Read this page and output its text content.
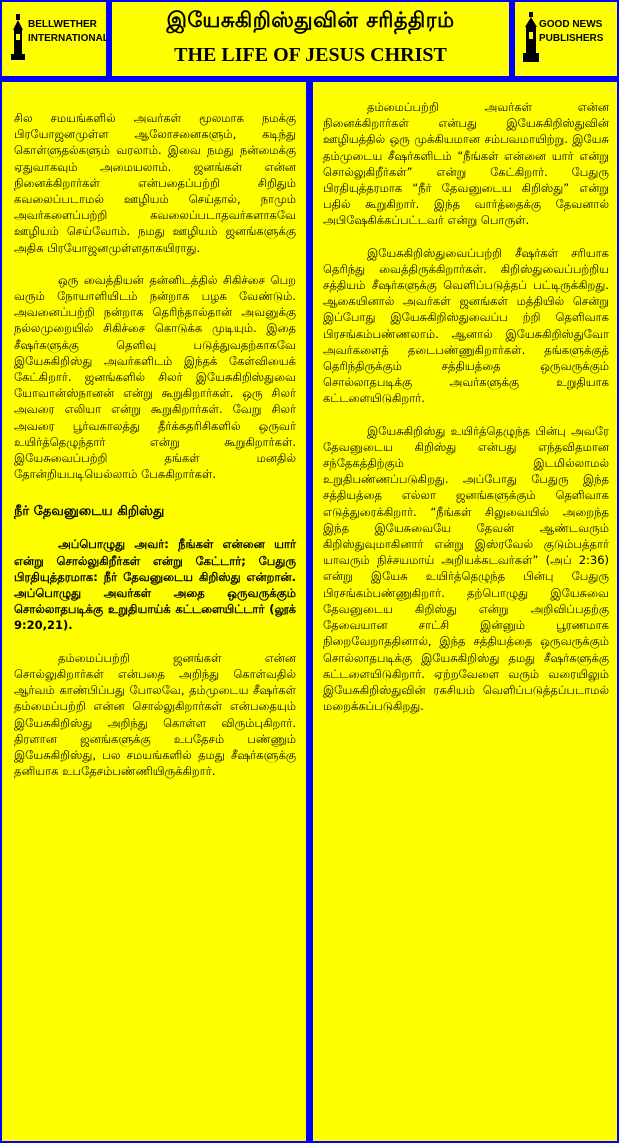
BELLWETHER
INTERNATIONAL
இயேசுகிறிஸ்துவின் சரித்திரம்
THE LIFE OF JESUS CHRIST
GOOD NEWS
PUBLISHERS

சில சமயங்களில் அவர்கள் மூலமாக நமக்கு பிரயோஜனமுள்ள ஆலோசனைகளும், கடிந்து கொள்ளுதல்களும் வரலாம். இவை நமது நன்மைக்கு ஏதுவாகவும் அமையலாம். ஜனங்கள் என்ன நினைக்கிறார்கள் என்பதைப்பற்றி சிறிதும் கவலைப்படாமல் ஊழியம் செய்தால், நாமும் அவர்களைப்பற்றி கவலைப்படாதவர்களாகவே ஊழியம் செய்வோம். நமது ஊழியம் ஜனங்களுக்கு அதிக பிரயோஜனமுள்ளதாகயிராது.

ஒரு வைத்தியன் தன்னிடத்தில் சிகிச்சை பெற வரும் நோயாளியிடம் நன்றாக பழக வேண்டும். அவனைப்பற்றி நன்றாக தெரிந்தால்தான் அவனுக்கு நல்லமுறையில் சிகிச்சை கொடுக்க முடியும். இதை சீஷர்களுக்கு தெளிவு படுத்துவதற்காகவே இயேசுகிறிஸ்து அவர்களிடம் இந்தக் கேள்வியைக் கேட்கிறார். ஜனங்களில் சிலர் இயேசுகிறிஸ்துவை யோவான்ஸ்நானன் என்று கூறுகிறார்கள். ஒரு சிலர் அவரை எலியா என்று கூறுகிறார்கள். வேறு சிலர் அவரை பூர்வகாலத்து தீர்க்கதரிசிகளில் ஒருவர் உயிர்த்தெழுந்தார் என்று கூறுகிறார்கள். இயேசுவைப்பற்றி தங்கள் மனதில் தோன்றியபடியெல்லாம் பேசுகிறார்கள்.

நீர் தேவனுடைய கிறிஸ்து

அப்பொழுது அவர்: நீங்கள் என்னை யார் என்று சொல்லுகிறீர்கள் என்று கேட்டார்; பேதுரு பிரதியுத்தரமாக: நீர் தேவனுடைய கிறிஸ்து என்றான். அப்பொழுது அவர்கள் அதை ஒருவருக்கும் சொல்லாதபடிக்கு உறுதியாய்க் கட்டளையிட்டார் (லூக் 9:20,21).

தம்மைப்பற்றி ஜனங்கள் என்ன சொல்லுகிறார்கள் என்பதை அறிந்து கொள்வதில் ஆர்வம் காண்பிப்பது போலவே, தம்முடைய சீஷர்கள் தம்மைப்பற்றி என்ன சொல்லுகிறார்கள் என்பதையும் இயேசுகிறிஸ்து அறிந்து கொள்ள விரும்புகிறார். திரளான ஜனங்களுக்கு உபதேசம் பண்ணும் இயேசுகிறிஸ்து, பல சமயங்களில் தமது சீஷர்களுக்கு தனியாக உபதேசம்பண்ணியிருக்கிறார்.

தம்மைப்பற்றி அவர்கள் என்ன நினைக்கிறார்கள் என்பது இயேசுகிறிஸ்துவின் ஊழியத்தில் ஒரு முக்கியமான சம்பவமாயிற்று. இயேசு தம்முடைய சீஷர்களிடம் “நீங்கள் என்னை யார் என்று சொல்லுகிறீர்கள்” என்று கேட்கிறார். பேதுரு பிரதியுத்தரமாக “நீர் தேவனுடைய கிறிஸ்து” என்று பதில் கூறுகிறார். இந்த வார்த்தைக்கு தேவனால் அபிஷேகிக்கப்பட்டவர் என்று பொருள்.

இயேசுகிறிஸ்துவைப்பற்றி சீஷர்கள் சரியாக தெரிந்து வைத்திருக்கிறார்கள். கிறிஸ்துவைப்பற்றிய சத்தியம் சீஷர்களுக்கு வெளிப்படுத்தப் பட்டிருக்கிறது. ஆகையினால் அவர்கள் ஜனங்கள் மத்தியில் சென்று இப்போது இயேசுகிறிஸ்துவைப்ப ற்றி தெளிவாக பிரசங்கம்பண்ணலாம். ஆனால் இயேசுகிறிஸ்துவோ அவர்களைத் தடைபண்ணுகிறார்கள். தங்களுக்குத் தெரிந்திருக்கும் சத்தியத்தை ஒருவருக்கும் சொல்லாதபடிக்கு அவர்களுக்கு உறுதியாக கட்டளையிடுகிறார்.

இயேசுகிறிஸ்து உயிர்த்தெழுந்த பின்பு அவரே தேவனுடைய கிறிஸ்து என்பது எந்தவிதமான சந்தேகத்திற்கும் இடமில்லாமல் உறுதிபண்ணப்படுகிறது. அப்போது பேதுரு இந்த சத்தியத்தை எல்லா ஜனங்களுக்கும் தெளிவாக எடுத்துரைக்கிறார். “நீங்கள் சிலுவையில் அறைந்த இந்த இயேசுவையே தேவன் ஆண்டவரும் கிறிஸ்துவுமாகினார் என்று இஸ்ரவேல் குடும்பத்தார் யாவரும் நிச்சயமாய் அறியக்கடவர்கள்” (அப் 2:36) என்று இயேசு உயிர்த்தெழுந்த பின்பு பேதுரு பிரசங்கம்பண்ணுகிறார். தற்பொழுது இயேசுவை தேவனுடைய கிறிஸ்து என்று அறிவிப்பதற்கு தேவையான சாட்சி இன்னும் பூரணமாக நிறைவேறாததினால், இந்த சத்தியத்தை ஒருவருக்கும் சொல்லாதபடிக்கு இயேசுகிறிஸ்து தமது சீஷர்களுக்கு கட்டளையிடுகிறார். ஏற்றவேளை வரும் வரையிலும் இயேசுகிறிஸ்துவின் ரகசியம் வெளிப்படுத்தப்படாமல் மறைக்கப்படுகிறது.
